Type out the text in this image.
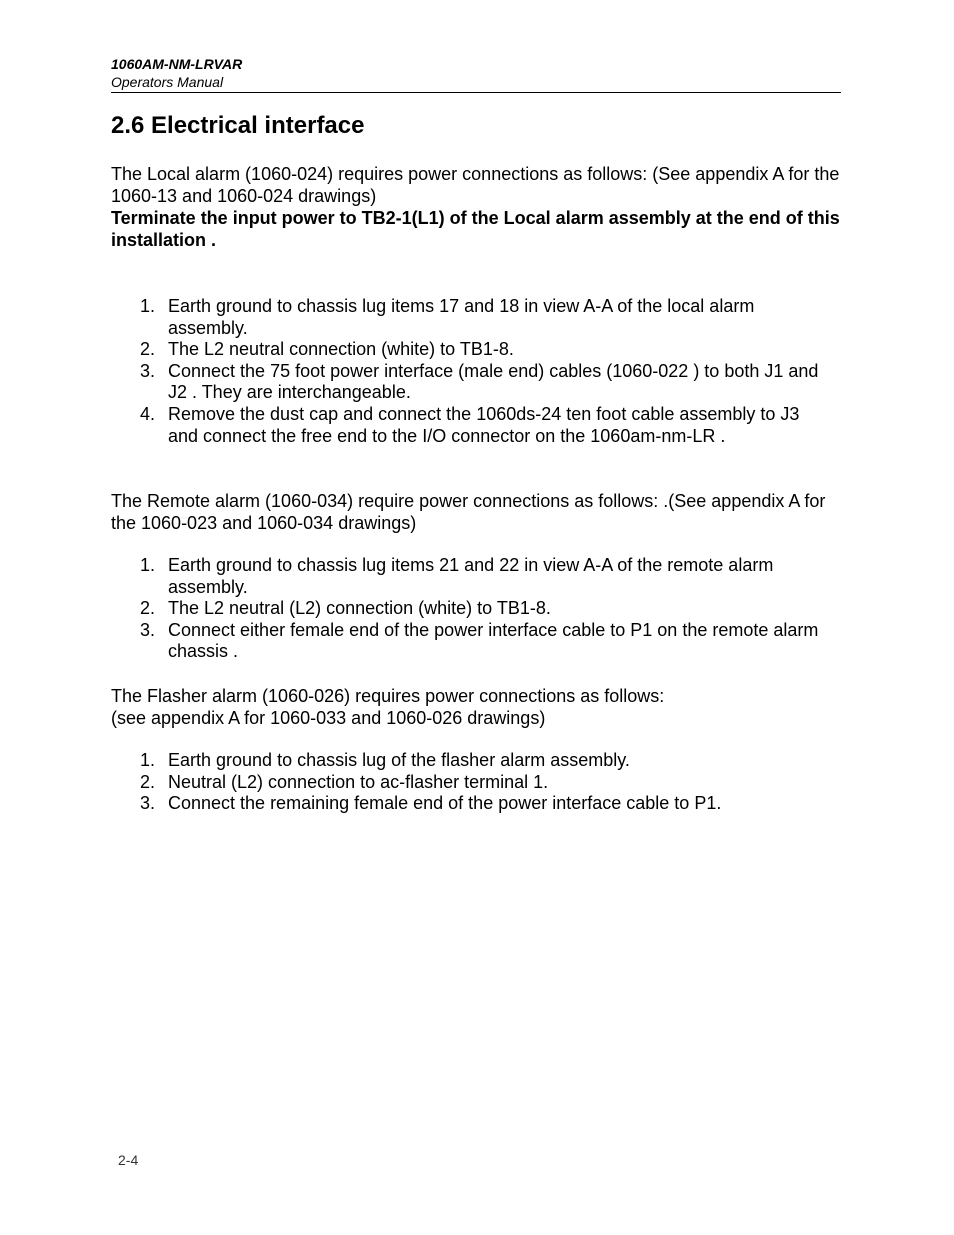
1060AM-NM-LRVAR
Operators Manual
2.6 Electrical interface

The Local alarm (1060-024) requires power connections as follows: (See appendix A for the 1060-13 and 1060-024 drawings)

Terminate the input power to TB2-1(L1) of the Local alarm assembly at the end of this installation .

1. Earth ground to chassis lug items 17 and 18 in view A-A of the local alarm assembly.
2. The L2 neutral connection (white) to TB1-8.
3. Connect the 75 foot power interface (male end) cables (1060-022 ) to both J1 and J2 . They are interchangeable.
4. Remove the dust cap and connect the 1060ds-24 ten foot cable assembly to J3 and connect the free end to the I/O connector on the 1060am-nm-LR .

The Remote alarm (1060-034) require power connections as follows: .(See appendix A for the 1060-023 and 1060-034 drawings)

1. Earth ground to chassis lug items 21 and 22 in view A-A of the remote alarm assembly.
2. The L2 neutral (L2) connection (white) to TB1-8.
3. Connect either female end of the power interface cable to P1 on the remote alarm chassis .

The Flasher alarm (1060-026) requires power connections as follows:

(see appendix A for 1060-033 and 1060-026 drawings)

1. Earth ground to chassis lug of the flasher alarm assembly.
2. Neutral (L2) connection to ac-flasher terminal 1.
3. Connect the remaining female end of the power interface cable to P1.
2-4
